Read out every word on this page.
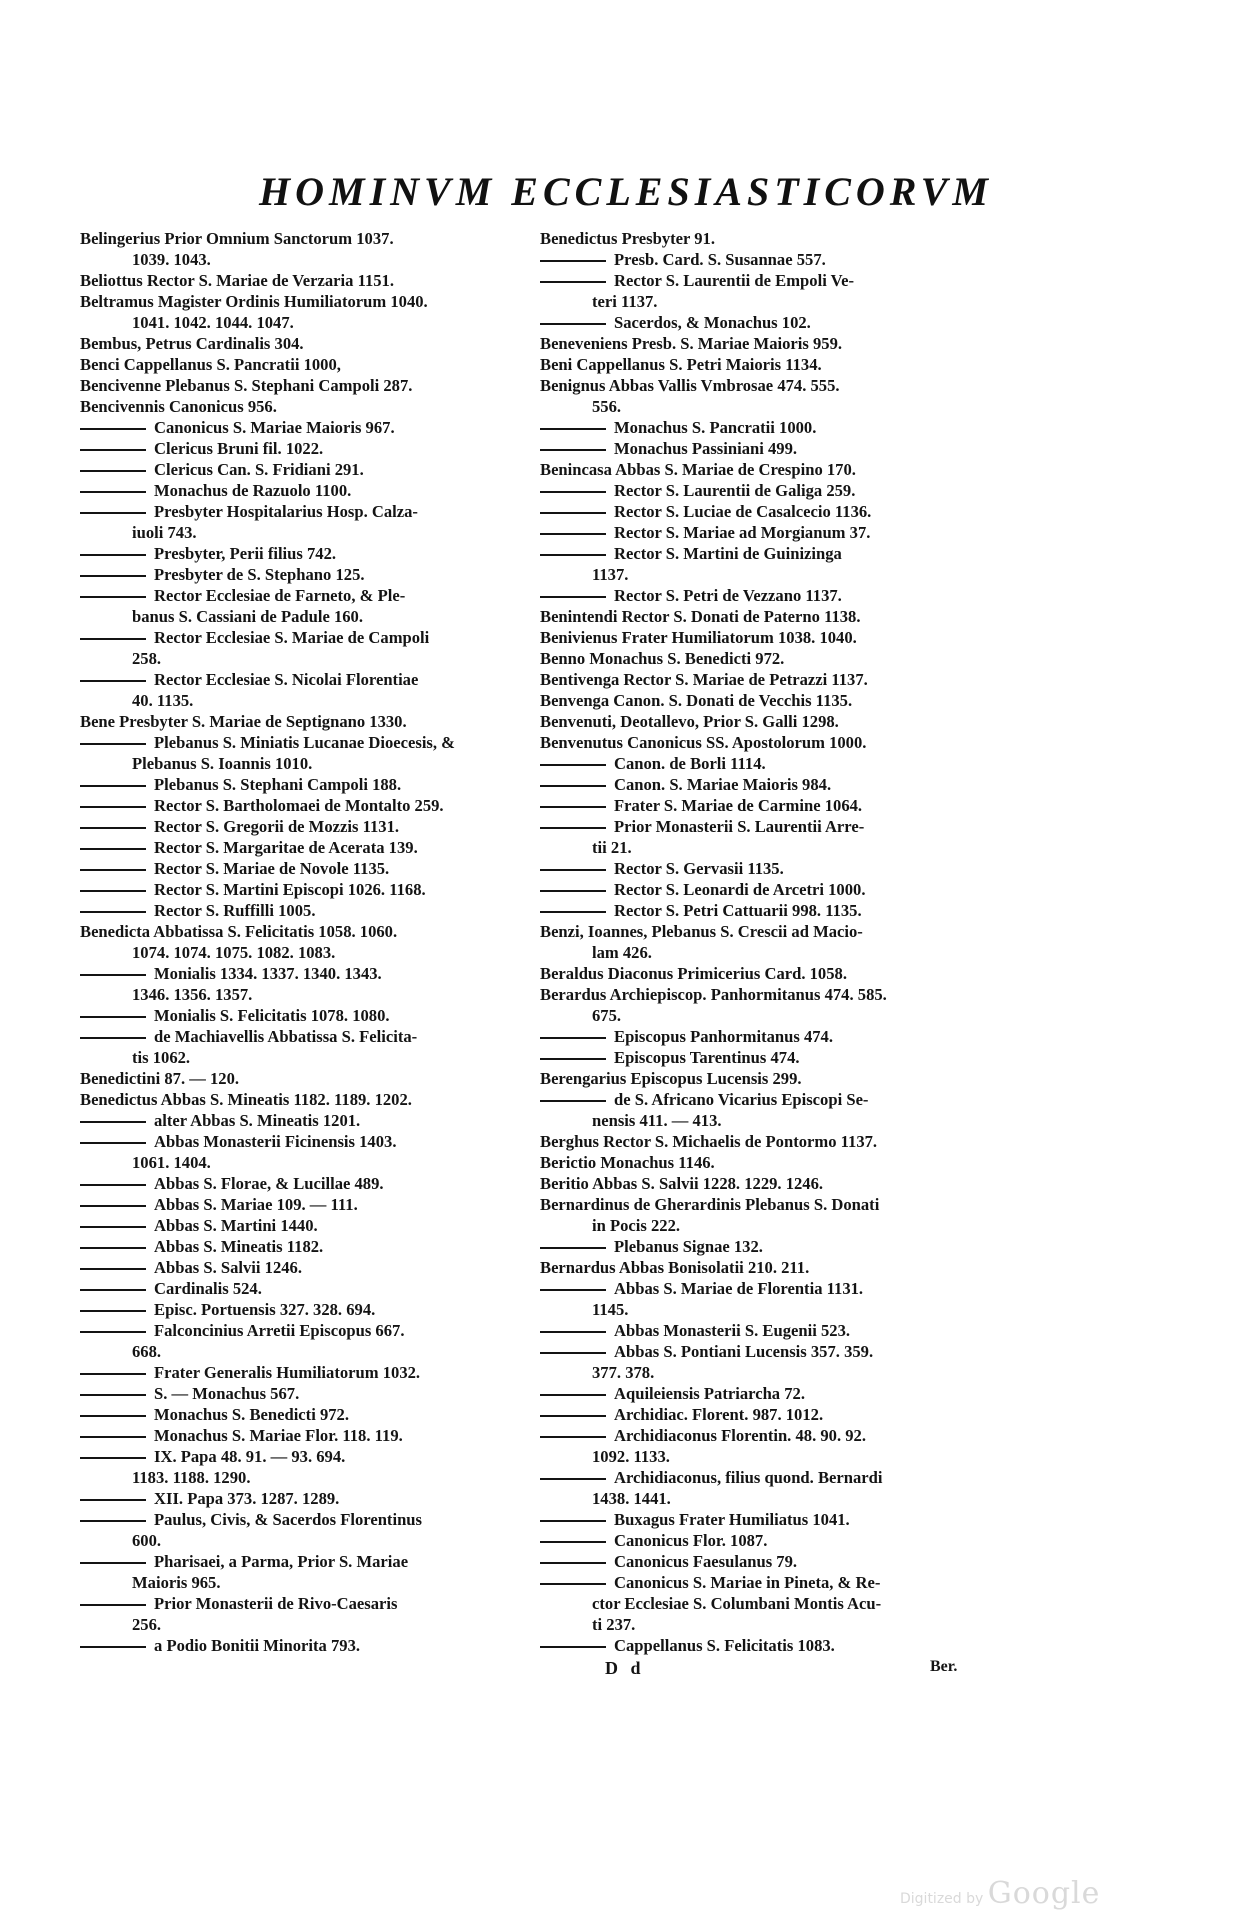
HOMINVM ECCLESIASTICORVM
Belingerius Prior Omnium Sanctorum 1037.
1039. 1043.
Beliottus Rector S. Mariae de Verzaria 1151.
Beltramus Magister Ordinis Humiliatorum 1040.
1041. 1042. 1044. 1047.
Bembus, Petrus Cardinalis 304.
Benci Cappellanus S. Pancratii 1000,
Bencivenne Plebanus S. Stephani Campoli 287.
Bencivennis Canonicus 956.
Canonicus S. Mariae Maioris 967.
Clericus Bruni fil. 1022.
Clericus Can. S. Fridiani 291.
Monachus de Razuolo 1100.
Presbyter Hospitalarius Hosp. Calza-
iuoli 743.
Presbyter, Perii filius 742.
Presbyter de S. Stephano 125.
Rector Ecclesiae de Farneto, & Ple-
banus S. Cassiani de Padule 160.
Rector Ecclesiae S. Mariae de Campoli
258.
Rector Ecclesiae S. Nicolai Florentiae
40. 1135.
Bene Presbyter S. Mariae de Septignano 1330.
Plebanus S. Miniatis Lucanae Dioecesis, &
Plebanus S. Ioannis 1010.
Plebanus S. Stephani Campoli 188.
Rector S. Bartholomaei de Montalto 259.
Rector S. Gregorii de Mozzis 1131.
Rector S. Margaritae de Acerata 139.
Rector S. Mariae de Novole 1135.
Rector S. Martini Episcopi 1026. 1168.
Rector S. Ruffilli 1005.
Benedicta Abbatissa S. Felicitatis 1058. 1060.
1074. 1074. 1075. 1082. 1083.
Monialis 1334. 1337. 1340. 1343.
1346. 1356. 1357.
Monialis S. Felicitatis 1078. 1080.
de Machiavellis Abbatissa S. Felicita-
tis 1062.
Benedictini 87. — 120.
Benedictus Abbas S. Mineatis 1182. 1189. 1202.
alter Abbas S. Mineatis 1201.
Abbas Monasterii Ficinensis 1403.
1061. 1404.
Abbas S. Florae, & Lucillae 489.
Abbas S. Mariae 109. — 111.
Abbas S. Martini 1440.
Abbas S. Mineatis 1182.
Abbas S. Salvii 1246.
Cardinalis 524.
Episc. Portuensis 327. 328. 694.
Falconcinius Arretii Episcopus 667.
668.
Frater Generalis Humiliatorum 1032.
S. — Monachus 567.
Monachus S. Benedicti 972.
Monachus S. Mariae Flor. 118. 119.
IX. Papa 48. 91. — 93. 694.
1183. 1188. 1290.
XII. Papa 373. 1287. 1289.
Paulus, Civis, & Sacerdos Florentinus
600.
Pharisaei, a Parma, Prior S. Mariae
Maioris 965.
Prior Monasterii de Rivo-Caesaris
256.
a Podio Bonitii Minorita 793.
Benedictus Presbyter 91.
Presb. Card. S. Susannae 557.
Rector S. Laurentii de Empoli Ve-
teri 1137.
Sacerdos, & Monachus 102.
Beneveniens Presb. S. Mariae Maioris 959.
Beni Cappellanus S. Petri Maioris 1134.
Benignus Abbas Vallis Vmbrosae 474. 555.
556.
Monachus S. Pancratii 1000.
Monachus Passiniani 499.
Benincasa Abbas S. Mariae de Crespino 170.
Rector S. Laurentii de Galiga 259.
Rector S. Luciae de Casalcecio 1136.
Rector S. Mariae ad Morgianum 37.
Rector S. Martini de Guinizinga
1137.
Rector S. Petri de Vezzano 1137.
Benintendi Rector S. Donati de Paterno 1138.
Benivienus Frater Humiliatorum 1038. 1040.
Benno Monachus S. Benedicti 972.
Bentivenga Rector S. Mariae de Petrazzi 1137.
Benvenga Canon. S. Donati de Vecchis 1135.
Benvenuti, Deotallevo, Prior S. Galli 1298.
Benvenutus Canonicus SS. Apostolorum 1000.
Canon. de Borli 1114.
Canon. S. Mariae Maioris 984.
Frater S. Mariae de Carmine 1064.
Prior Monasterii S. Laurentii Arre-
tii 21.
Rector S. Gervasii 1135.
Rector S. Leonardi de Arcetri 1000.
Rector S. Petri Cattuarii 998. 1135.
Benzi, Ioannes, Plebanus S. Crescii ad Macio-
lam 426.
Beraldus Diaconus Primicerius Card. 1058.
Berardus Archiepiscop. Panhormitanus 474. 585.
675.
Episcopus Panhormitanus 474.
Episcopus Tarentinus 474.
Berengarius Episcopus Lucensis 299.
de S. Africano Vicarius Episcopi Se-
nensis 411. — 413.
Berghus Rector S. Michaelis de Pontormo 1137.
Berictio Monachus 1146.
Beritio Abbas S. Salvii 1228. 1229. 1246.
Bernardinus de Gherardinis Plebanus S. Donati
in Pocis 222.
Plebanus Signae 132.
Bernardus Abbas Bonisolatii 210. 211.
Abbas S. Mariae de Florentia 1131.
1145.
Abbas Monasterii S. Eugenii 523.
Abbas S. Pontiani Lucensis 357. 359.
377. 378.
Aquileiensis Patriarcha 72.
Archidiac. Florent. 987. 1012.
Archidiaconus Florentin. 48. 90. 92.
1092. 1133.
Archidiaconus, filius quond. Bernardi
1438. 1441.
Buxagus Frater Humiliatus 1041.
Canonicus Flor. 1087.
Canonicus Faesulanus 79.
Canonicus S. Mariae in Pineta, & Re-
ctor Ecclesiae S. Columbani Montis Acu-
ti 237.
Cappellanus S. Felicitatis 1083.
D d	Ber.
Digitized by Google
